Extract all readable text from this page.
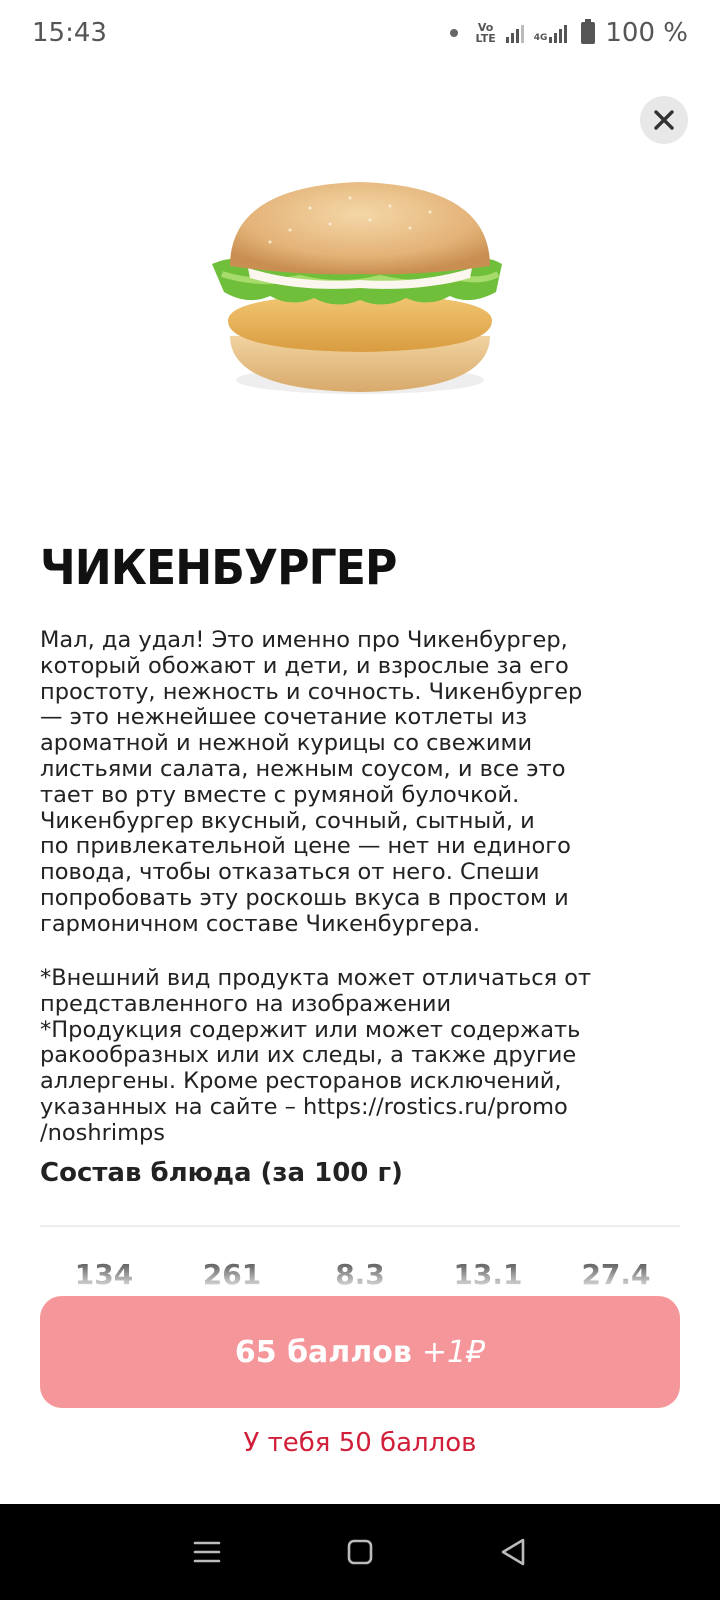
15:43	Vo
LTE	4G 100 %
ЧИКЕНБУРГЕР

Мал, да удал! Это именно про Чикенбургер,
который обожают и дети, и взрослые за его
простоту, нежность и сочность. Чикенбургер
— это нежнейшее сочетание котлеты из
ароматной и нежной курицы со свежими
листьями салата, нежным соусом, и все это
тает во рту вместе с румяной булочкой.
Чикенбургер вкусный, сочный, сытный, и
по привлекательной цене — нет ни единого
повода, чтобы отказаться от него. Спеши
попробовать эту роскошь вкуса в простом и
гармоничном составе Чикенбургера.

*Внешний вид продукта может отличаться от
представленного на изображении
*Продукция содержит или может содержать
ракообразных или их следы, а также другие
аллергены. Кроме ресторанов исключений,
указанных на сайте – https://rostics.ru/promo
/noshrimps

Состав блюда (за 100 г)
134	261	8.3	13.1	27.4
65 баллов +1₽
У тебя 50 баллов
